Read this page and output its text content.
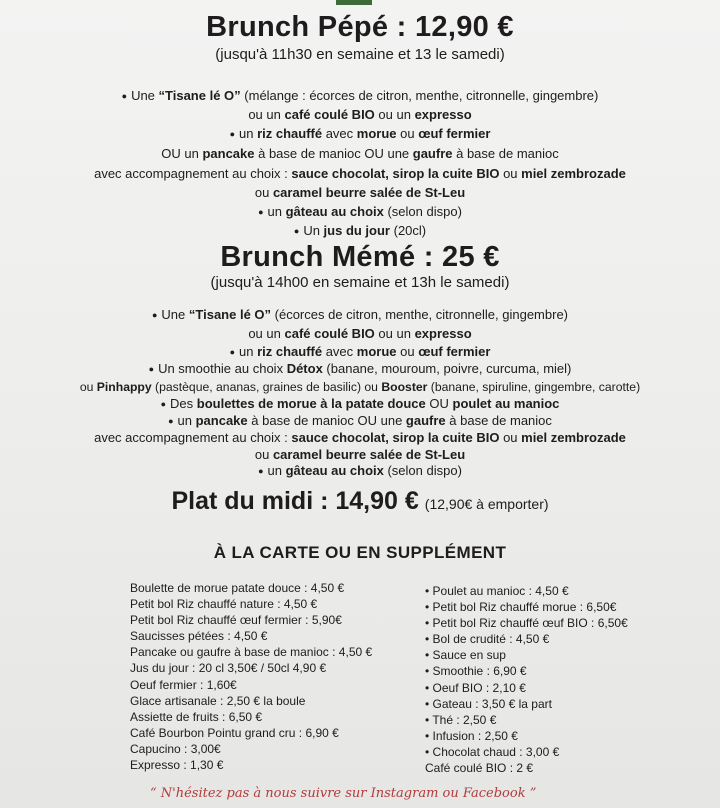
Brunch Pépé : 12,90 €
(jusqu'à 11h30 en semaine et 13 le samedi)
● Une “Tisane lé O” (mélange : écorces de citron, menthe, citronnelle, gingembre)
ou un café coulé BIO ou un expresso
● un riz chauffé avec morue ou œuf fermier
OU un pancake à base de manioc OU une gaufre à base de manioc
avec accompagnement au choix : sauce chocolat, sirop la cuite BIO ou miel zembrozade
ou caramel beurre salée de St-Leu
● un gâteau au choix (selon dispo)
● Un jus du jour (20cl)
Brunch Mémé : 25 €
(jusqu'à 14h00 en semaine et 13h le samedi)
● Une “Tisane lé O” (écorces de citron, menthe, citronnelle, gingembre)
ou un café coulé BIO ou un expresso
● un riz chauffé avec morue ou œuf fermier
● Un smoothie au choix Détox (banane, mouroum, poivre, curcuma, miel)
ou Pinhappy (pastèque, ananas, graines de basilic) ou Booster (banane, spiruline, gingembre, carotte)
● Des boulettes de morue à la patate douce OU poulet au manioc
● un pancake à base de manioc OU une gaufre à base de manioc
avec accompagnement au choix : sauce chocolat, sirop la cuite BIO ou miel zembrozade
ou caramel beurre salée de St-Leu
● un gâteau au choix (selon dispo)
Plat du midi : 14,90 € (12,90€ à emporter)
À LA CARTE OU EN SUPPLÉMENT
Boulette de morue patate douce : 4,50 €
Petit bol Riz chauffé nature : 4,50 €
Petit bol Riz chauffé œuf fermier : 5,90€
Saucisses pétées : 4,50 €
Pancake ou gaufre à base de manioc : 4,50 €
Jus du jour : 20 cl 3,50€ / 50cl 4,90 €
Oeuf fermier : 1,60€
Glace artisanale : 2,50 € la boule
Assiette de fruits : 6,50 €
Café Bourbon Pointu grand cru : 6,90 €
Capucino : 3,00€
Expresso : 1,30 €
• Poulet au manioc : 4,50 €
• Petit bol Riz chauffé morue : 6,50€
• Petit bol Riz chauffé œuf BIO : 6,50€
• Bol de crudité : 4,50 €
• Sauce en sup
• Smoothie : 6,90 €
• Oeuf BIO : 2,10 €
• Gateau : 3,50 € la part
• Thé : 2,50 €
• Infusion : 2,50 €
• Chocolat chaud : 3,00 €
Café coulé BIO : 2 €
“ N'hésitez pas à nous suivre sur Instagram ou Facebook ”
